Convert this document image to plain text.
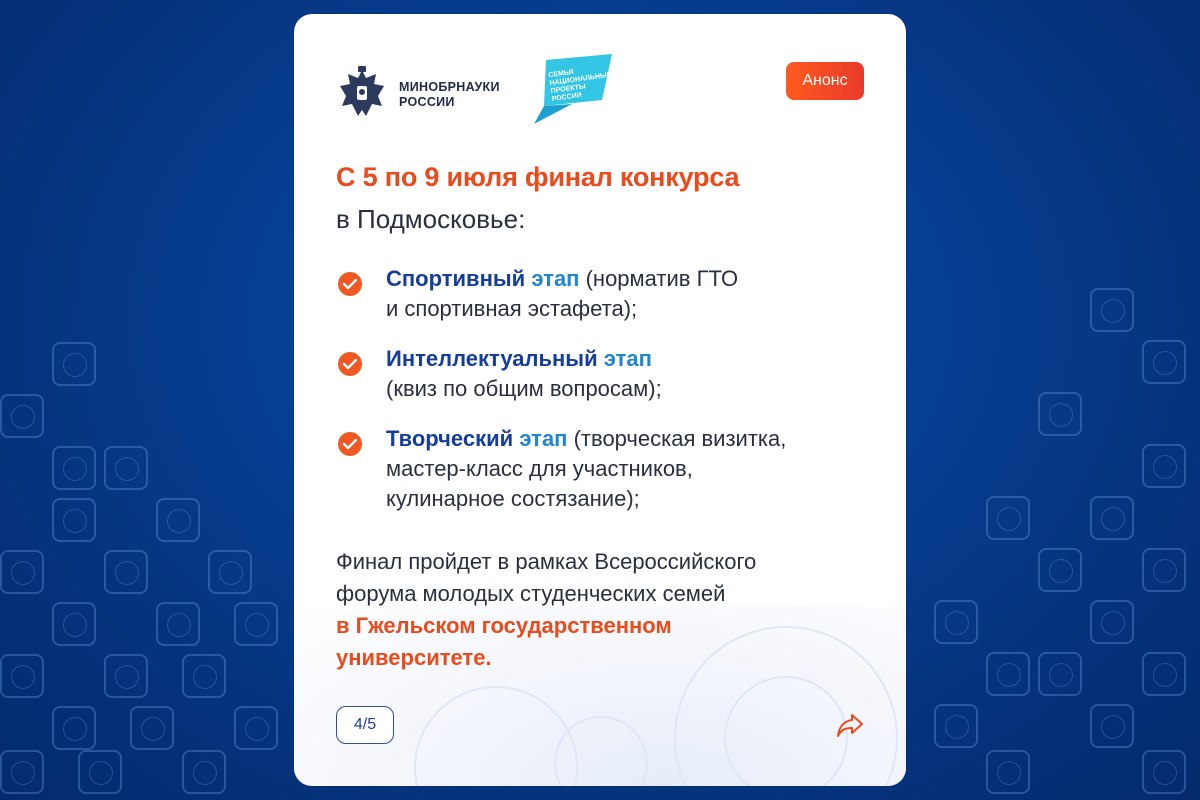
МИНОБРНАУКИ
РОССИИ
СЕМЬЯ НАЦИОНАЛЬНЫЕ ПРОЕКТЫ РОССИИ
Анонс
С 5 по 9 июля финал конкурса
в Подмосковье:
Спортивный этап (норматив ГТО
и спортивная эстафета);
Интеллектуальный этап
(квиз по общим вопросам);
Творческий этап (творческая визитка,
мастер-класс для участников,
кулинарное состязание);
Финал пройдет в рамках Всероссийского
форума молодых студенческих семей
в Гжельском государственном
университете.
4/5
